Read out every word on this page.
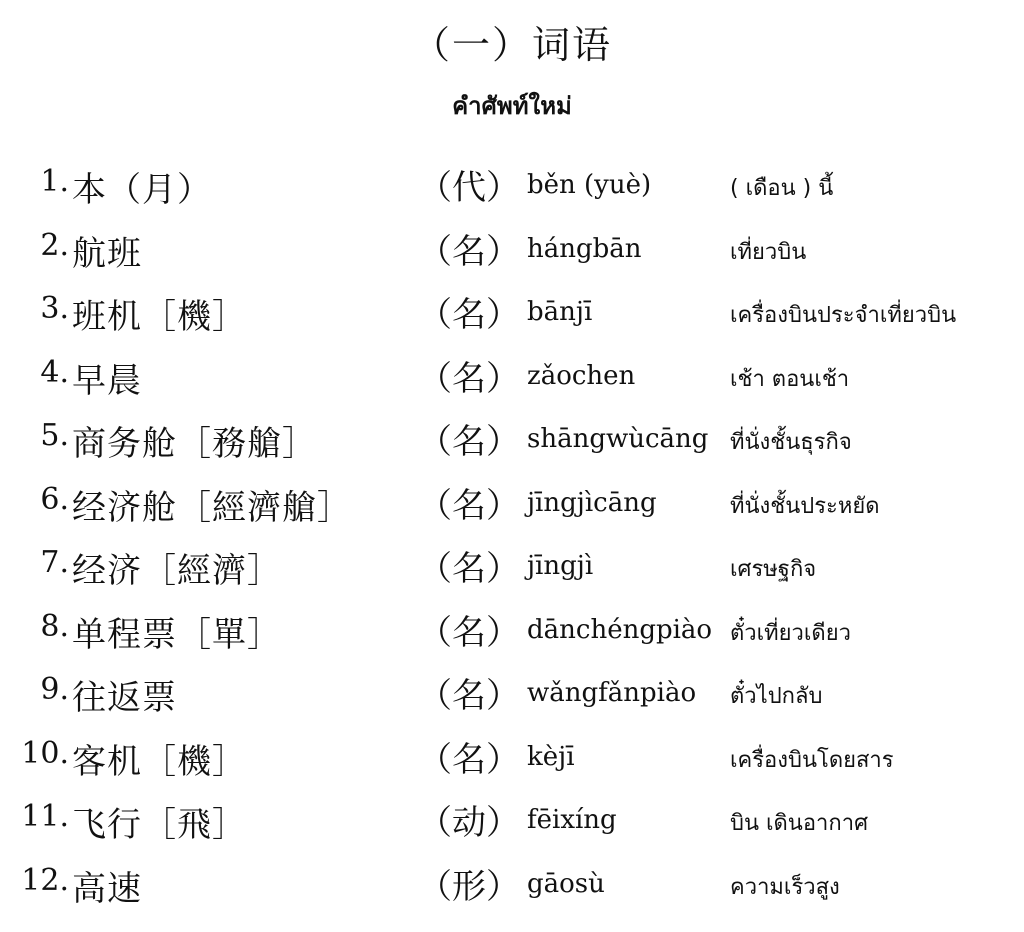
（一）词语
คำศัพท์ใหม่
1. 本（月）	（代） běn (yuè)	( เดือน ) นี้
2. 航班	（名） hángbān	เที่ยวบิน
3. 班机［機］	（名） bānjī	เครื่องบินประจำเที่ยวบิน
4. 早晨	（名） zǎochen	เช้า ตอนเช้า
5. 商务舱［務艙］	（名） shāngwùcāng ที่นั่งชั้นธุรกิจ
6. 经济舱［經濟艙］ （名） jīngjìcāng	ที่นั่งชั้นประหยัด
7. 经济［經濟］	（名） jīngjì	เศรษฐกิจ
8. 单程票［單］	（名） dānchéngpiào ตั๋วเที่ยวเดียว
9. 往返票	（名） wǎngfǎnpiào ตั๋วไปกลับ
10. 客机［機］	（名） kèjī	เครื่องบินโดยสาร
11. 飞行［飛］	（动） fēixíng	บิน เดินอากาศ
12. 高速	（形） gāosù	ความเร็วสูง
